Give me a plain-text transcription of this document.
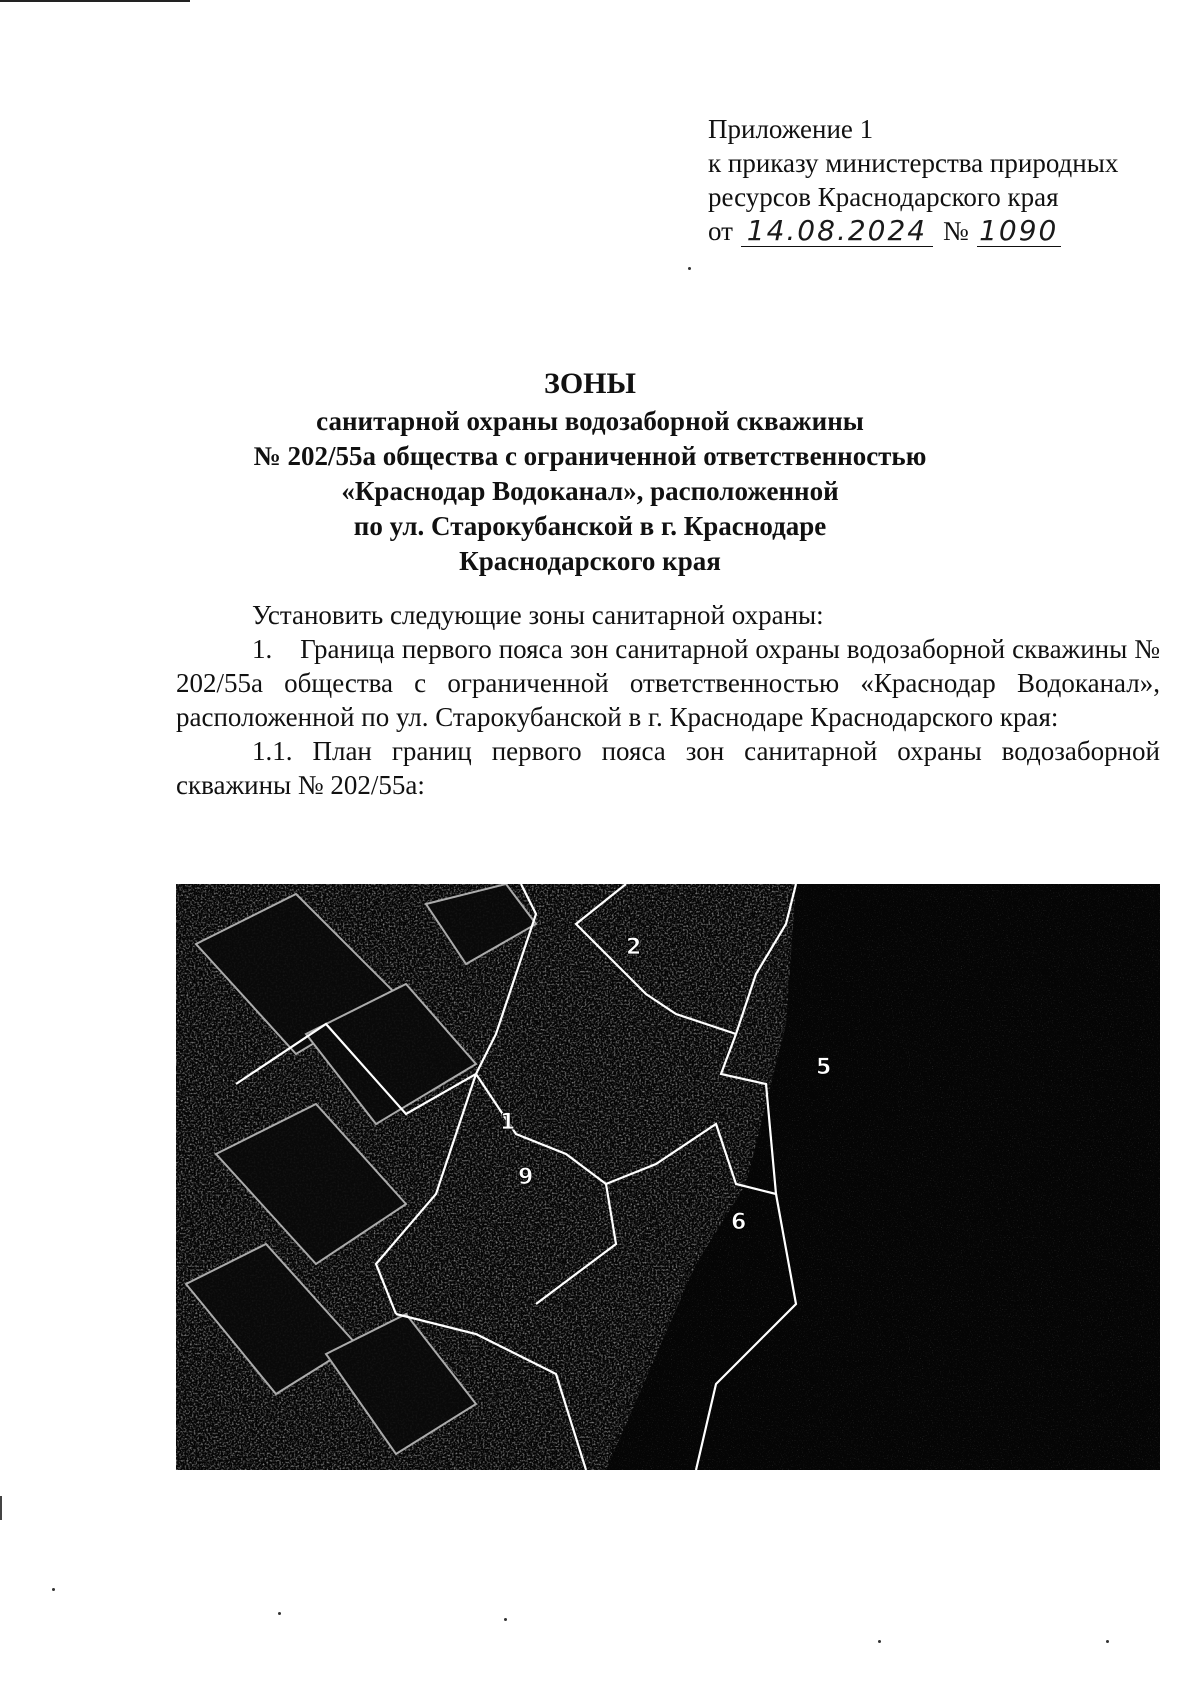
Приложение 1
к приказу министерства природных
ресурсов Краснодарского края
от 14.08.2024 № 1090
ЗОНЫ
санитарной охраны водозаборной скважины
№ 202/55а общества с ограниченной ответственностью
«Краснодар Водоканал», расположенной
по ул. Старокубанской в г. Краснодаре
Краснодарского края

Установить следующие зоны санитарной охраны:

1.    Граница первого пояса зон санитарной охраны водозаборной скважины № 202/55а общества с ограниченной ответственностью «Краснодар Водоканал», расположенной по ул. Старокубанской в г. Краснодаре Краснодарского края:

1.1. План границ первого пояса зон санитарной охраны водозаборной скважины № 202/55а:

1
2
5
6
9
